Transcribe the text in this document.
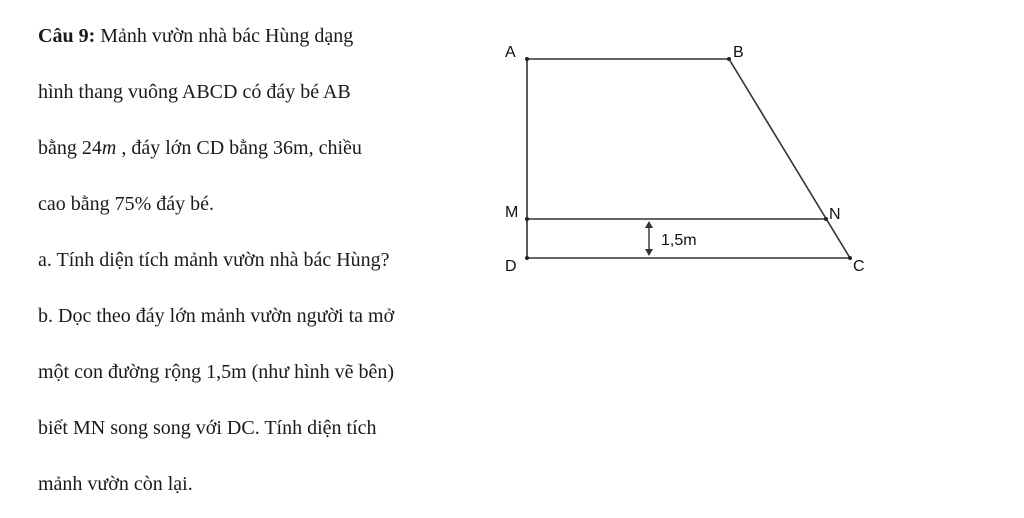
Câu 9: Mảnh vườn nhà bác Hùng dạng
hình thang vuông ABCD có đáy bé AB
bằng 24m , đáy lớn CD bằng 36m, chiều
cao bằng 75% đáy bé.
a. Tính diện tích mảnh vườn nhà bác Hùng?
b. Dọc theo đáy lớn mảnh vườn người ta mở
một con đường rộng 1,5m (như hình vẽ bên)
biết MN song song với DC. Tính diện tích
mảnh vườn còn lại.
A	B
M	N
D	C
1,5m
